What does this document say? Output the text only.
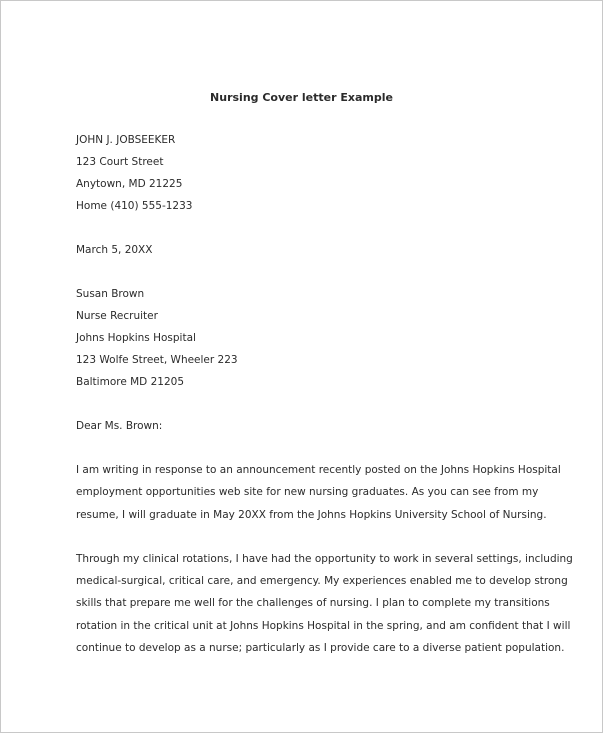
Nursing Cover letter Example
JOHN J. JOBSEEKER
123 Court Street
Anytown, MD 21225
Home (410) 555-1233
March 5, 20XX
Susan Brown
Nurse Recruiter
Johns Hopkins Hospital
123 Wolfe Street, Wheeler 223
Baltimore MD 21205
Dear Ms. Brown:
I am writing in response to an announcement recently posted on the Johns Hopkins Hospital
employment opportunities web site for new nursing graduates. As you can see from my
resume, I will graduate in May 20XX from the Johns Hopkins University School of Nursing.
Through my clinical rotations, I have had the opportunity to work in several settings, including
medical-surgical, critical care, and emergency. My experiences enabled me to develop strong
skills that prepare me well for the challenges of nursing. I plan to complete my transitions
rotation in the critical unit at Johns Hopkins Hospital in the spring, and am confident that I will
continue to develop as a nurse; particularly as I provide care to a diverse patient population.
